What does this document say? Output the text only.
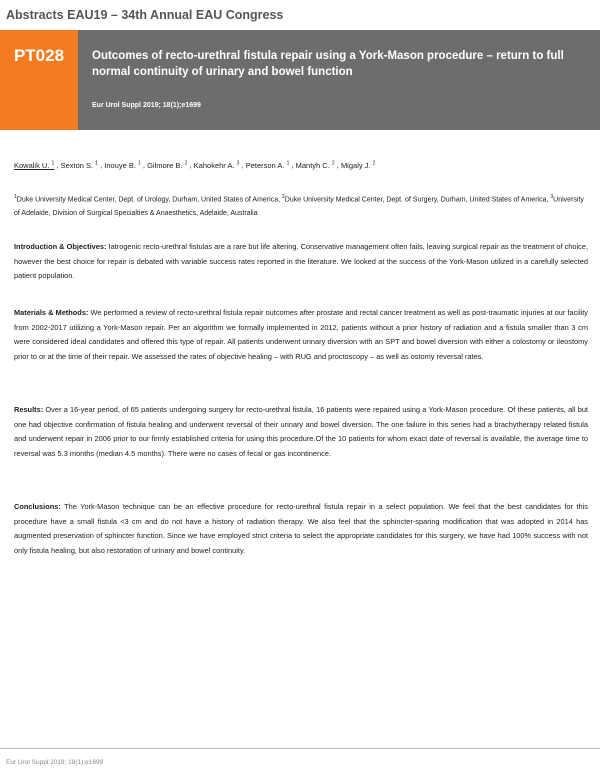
Abstracts EAU19 – 34th Annual EAU Congress
PT028	Outcomes of recto-urethral fistula repair using a York-Mason procedure – return to full normal continuity of urinary and bowel function
Eur Urol Suppl 2019; 18(1);e1699
Kowalik U. $^1$ , Sexton S. $^1$ , Inouye B. $^1$ , Gilmore B. $^2$ , Kahokehr A. $^3$ , Peterson A. $^1$ , Mantyh C. $^2$ , Migaly J. $^2$
$^1$Duke University Medical Center, Dept. of Urology, Durham, United States of America, $^2$Duke University Medical Center, Dept. of Surgery, Durham, United States of America, $^3$University of Adelaide, Division of Surgical Specialties & Anaesthetics, Adelaide, Australia
Introduction & Objectives: Iatrogenic recto-urethral fistulas are a rare but life altering. Conservative management often fails, leaving surgical repair as the treatment of choice, however the best choice for repair is debated with variable success rates reported in the literature. We looked at the success of the York-Mason utilized in a carefully selected patient population.
Materials & Methods: We performed a review of recto-urethral fistula repair outcomes after prostate and rectal cancer treatment as well as post-traumatic injuries at our facility from 2002-2017 utilizing a York-Mason repair. Per an algorithm we formally implemented in 2012, patients without a prior history of radiation and a fistula smaller than 3 cm were considered ideal candidates and offered this type of repair. All patients underwent urinary diversion with an SPT and bowel diversion with either a colostomy or ileostomy prior to or at the time of their repair. We assessed the rates of objective healing – with RUG and proctoscopy – as well as ostomy reversal rates.
Results: Over a 16-year period, of 65 patients undergoing surgery for recto-urethral fistula, 16 patients were repaired using a York-Mason procedure. Of these patients, all but one had objective confirmation of fistula healing and underwent reversal of their urinary and bowel diversion. The one failure in this series had a brachytherapy related fistula and underwent repair in 2006 prior to our firmly established criteria for using this procedure.Of the 10 patients for whom exact date of reversal is available, the average time to reversal was 5.3 months (median 4.5 months). There were no cases of fecal or gas incontinence.
Conclusions: The York-Mason technique can be an effective procedure for recto-urethral fistula repair in a select population. We feel that the best candidates for this procedure have a small fistula <3 cm and do not have a history of radiation therapy. We also feel that the sphincter-sparing modification that was adopted in 2014 has augmented preservation of sphincter function. Since we have employed strict criteria to select the appropriate candidates for this surgery, we have had 100% success with not only fistula healing, but also restoration of urinary and bowel continuity.
Eur Urol Suppl 2019; 18(1);e1699
